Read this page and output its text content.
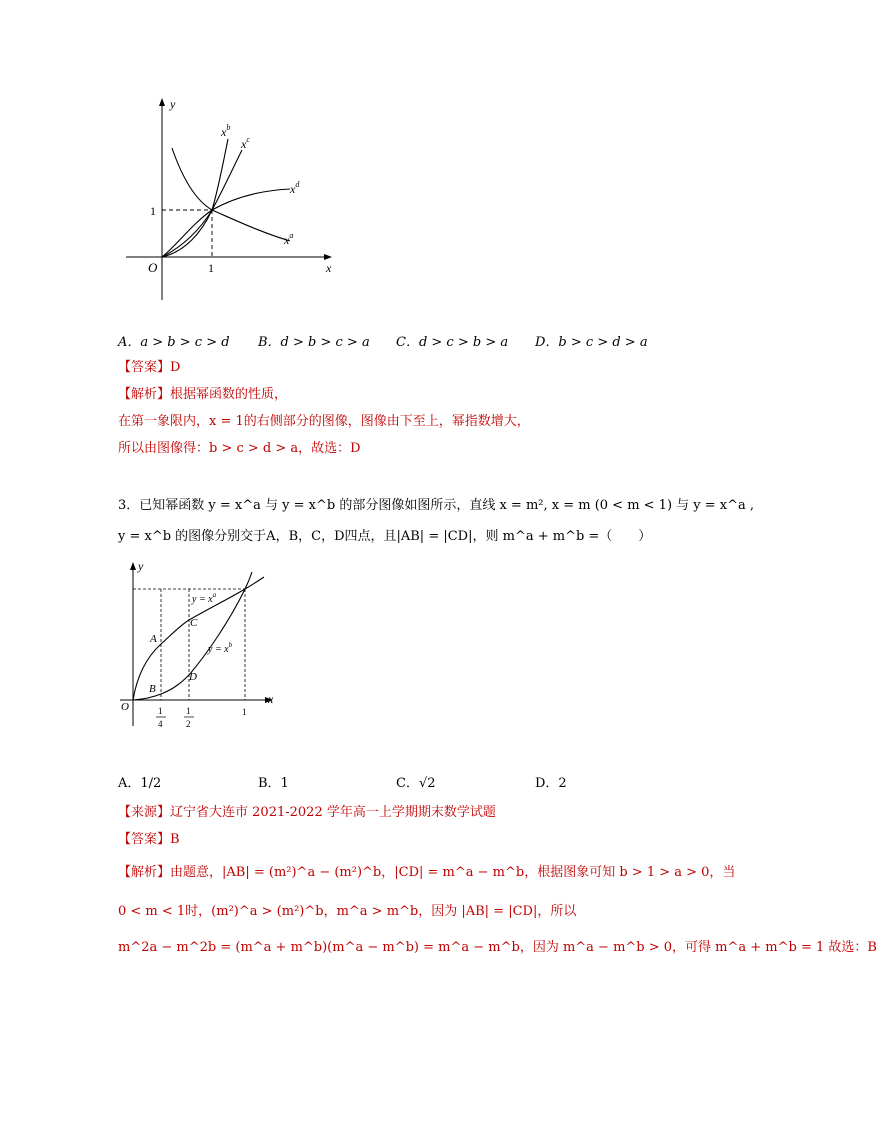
y
x
O	1
1
$x^b$
$x^c$
$x^d$
$x^a$
A．a > b > c > d B．d > b > c > a C．d > c > b > a D．b > c > d > a
【答案】D
【解析】根据幂函数的性质，
在第一象限内，x = 1的右侧部分的图像，图像由下至上，幂指数增大，
所以由图像得：b > c > d > a，故选：D
3．已知幂函数 y = x^a 与 y = x^b 的部分图像如图所示，直线 x = m², x = m (0 < m < 1) 与 y = x^a ,
y = x^b 的图像分别交于A，B，C，D四点，且|AB| = |CD|，则 m^a + m^b =（　　）
y
x
O	1
4
1
2
1
$y = x^a$
$y = x^b$
A
B
C
D
A．1/2	B．1	C．√2	D．2
【来源】辽宁省大连市 2021-2022 学年高一上学期期末数学试题
【答案】B
【解析】由题意，|AB| = (m²)^a − (m²)^b，|CD| = m^a − m^b，根据图象可知 b > 1 > a > 0，当
0 < m < 1时，(m²)^a > (m²)^b，m^a > m^b，因为 |AB| = |CD|，所以
m^2a − m^2b = (m^a + m^b)(m^a − m^b) = m^a − m^b，因为 m^a − m^b > 0，可得 m^a + m^b = 1 故选：B
